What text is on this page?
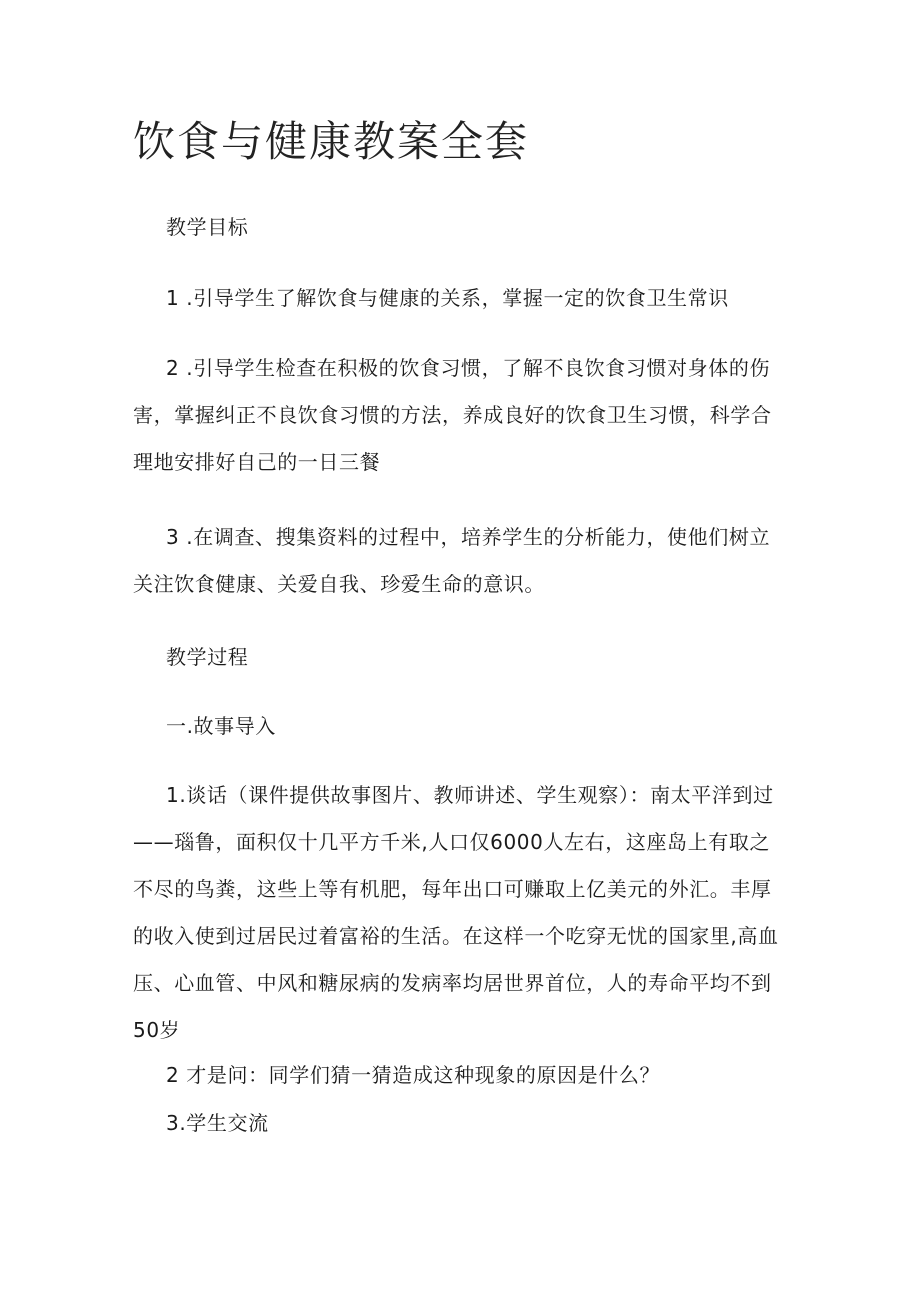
饮食与健康教案全套

教学目标

1 .引导学生了解饮食与健康的关系，掌握一定的饮食卫生常识

2 .引导学生检查在积极的饮食习惯，了解不良饮食习惯对身体的伤害，掌握纠正不良饮食习惯的方法，养成良好的饮食卫生习惯，科学合理地安排好自己的一日三餐

3 .在调查、搜集资料的过程中，培养学生的分析能力，使他们树立关注饮食健康、关爱自我、珍爱生命的意识。

教学过程

一.故事导入

1.谈话（课件提供故事图片、教师讲述、学生观察）：南太平洋到过——瑙鲁，面积仅十几平方千米,人口仅6000人左右，这座岛上有取之不尽的鸟粪，这些上等有机肥，每年出口可赚取上亿美元的外汇。丰厚的收入使到过居民过着富裕的生活。在这样一个吃穿无忧的国家里,高血压、心血管、中风和糖尿病的发病率均居世界首位，人的寿命平均不到50岁

2 才是问：同学们猜一猜造成这种现象的原因是什么？

3.学生交流
